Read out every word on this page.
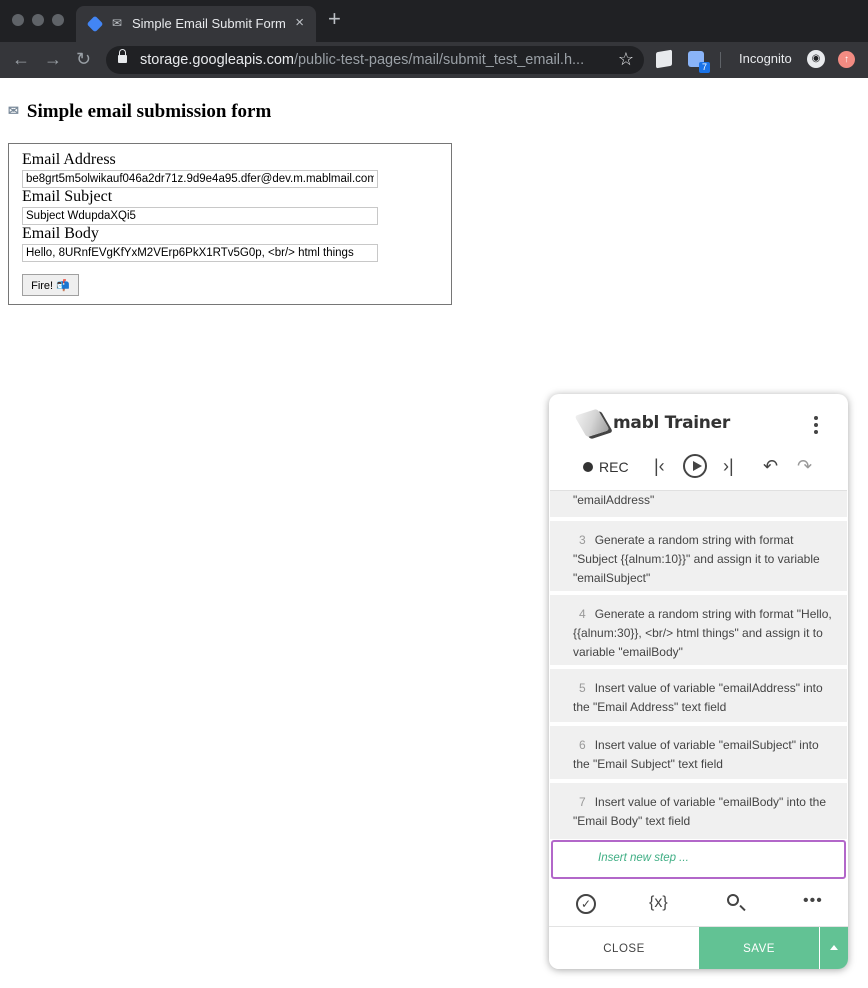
✉ Simple Email Submit Form × +
← → ↻	storage.googleapis.com/public-test-pages/mail/submit_test_email.h... ☆	7
Incognito	◉	↑
✉ Simple email submission form
Email Address
be8grt5m5olwikauf046a2dr71z.9d9e4a95.dfer@dev.m.mablmail.com
Email Subject
Subject WdupdaXQi5
Email Body
Hello, 8URnfEVgKfYxM2VErp6PkX1RTv5G0p, <br/> html things
Fire! 📬
mabl Trainer
REC |‹	›| ↶ ↷
"emailAddress"
3 Generate a random string with format "Subject {{alnum:10}}" and assign it to variable "emailSubject"
4 Generate a random string with format "Hello, {{alnum:30}}, <br/> html things" and assign it to variable "emailBody"
5 Insert value of variable "emailAddress" into the "Email Address" text field
6 Insert value of variable "emailSubject" into the "Email Subject" text field
7 Insert value of variable "emailBody" into the "Email Body" text field
Insert new step ...
✓	{x}	•••
CLOSE	SAVE
